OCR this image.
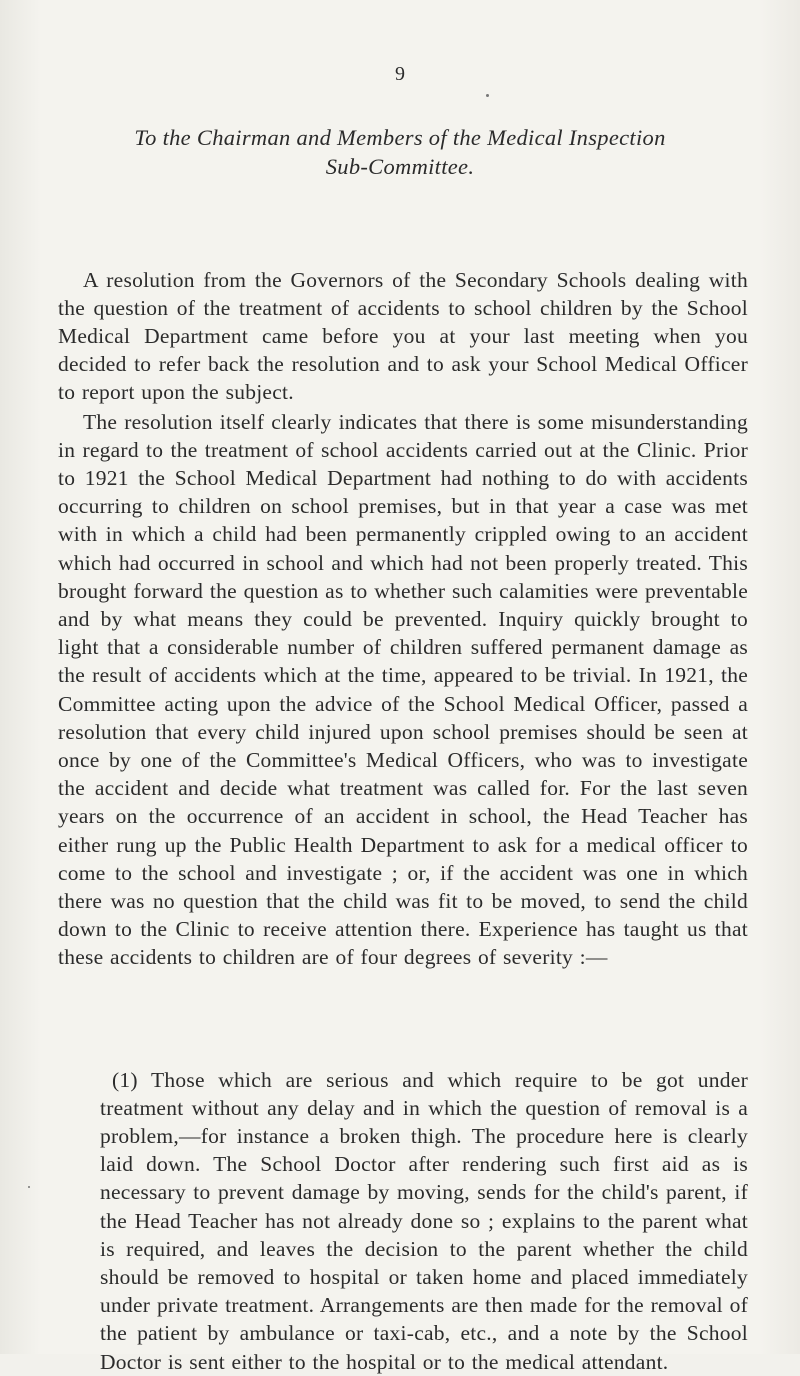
9
To the Chairman and Members of the Medical Inspection
Sub-Committee.

A resolution from the Governors of the Secondary Schools dealing with the question of the treatment of accidents to school children by the School Medical Department came before you at your last meeting when you decided to refer back the resolution and to ask your School Medical Officer to report upon the subject.

The resolution itself clearly indicates that there is some misunderstanding in regard to the treatment of school accidents carried out at the Clinic. Prior to 1921 the School Medical Department had nothing to do with accidents occurring to children on school premises, but in that year a case was met with in which a child had been permanently crippled owing to an accident which had occurred in school and which had not been properly treated. This brought forward the question as to whether such calamities were preventable and by what means they could be prevented. Inquiry quickly brought to light that a considerable number of children suffered permanent damage as the result of accidents which at the time, appeared to be trivial. In 1921, the Committee acting upon the advice of the School Medical Officer, passed a resolution that every child injured upon school premises should be seen at once by one of the Committee's Medical Officers, who was to investigate the accident and decide what treatment was called for. For the last seven years on the occurrence of an accident in school, the Head Teacher has either rung up the Public Health Department to ask for a medical officer to come to the school and investigate ; or, if the accident was one in which there was no question that the child was fit to be moved, to send the child down to the Clinic to receive attention there. Experience has taught us that these accidents to children are of four degrees of severity :—

(1) Those which are serious and which require to be got under treatment without any delay and in which the question of removal is a problem,—for instance a broken thigh. The procedure here is clearly laid down. The School Doctor after rendering such first aid as is necessary to prevent damage by moving, sends for the child's parent, if the Head Teacher has not already done so ; explains to the parent what is required, and leaves the decision to the parent whether the child should be removed to hospital or taken home and placed immediately under private treatment. Arrangements are then made for the removal of the patient by ambulance or taxi-cab, etc., and a note by the School Doctor is sent either to the hospital or to the medical attendant.
